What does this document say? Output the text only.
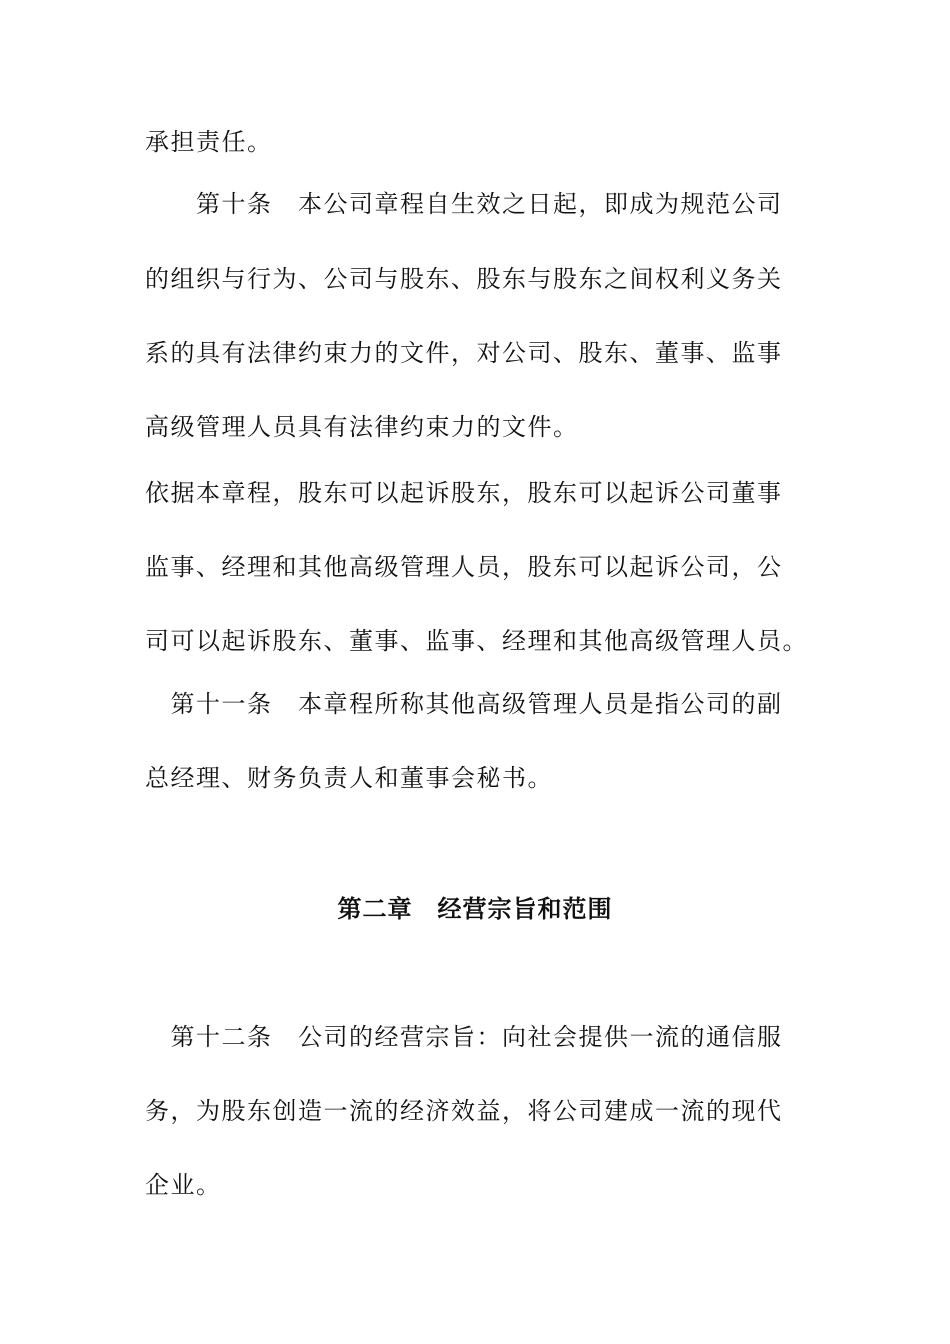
承担责任。
　　第十条　本公司章程自生效之日起，即成为规范公司
的组织与行为、公司与股东、股东与股东之间权利义务关
系的具有法律约束力的文件，对公司、股东、董事、监事
高级管理人员具有法律约束力的文件。
依据本章程，股东可以起诉股东，股东可以起诉公司董事
监事、经理和其他高级管理人员，股东可以起诉公司，公
司可以起诉股东、董事、监事、经理和其他高级管理人员。
　第十一条　本章程所称其他高级管理人员是指公司的副
总经理、财务负责人和董事会秘书。
第二章　经营宗旨和范围
　第十二条　公司的经营宗旨：向社会提供一流的通信服
务，为股东创造一流的经济效益，将公司建成一流的现代
企业。
